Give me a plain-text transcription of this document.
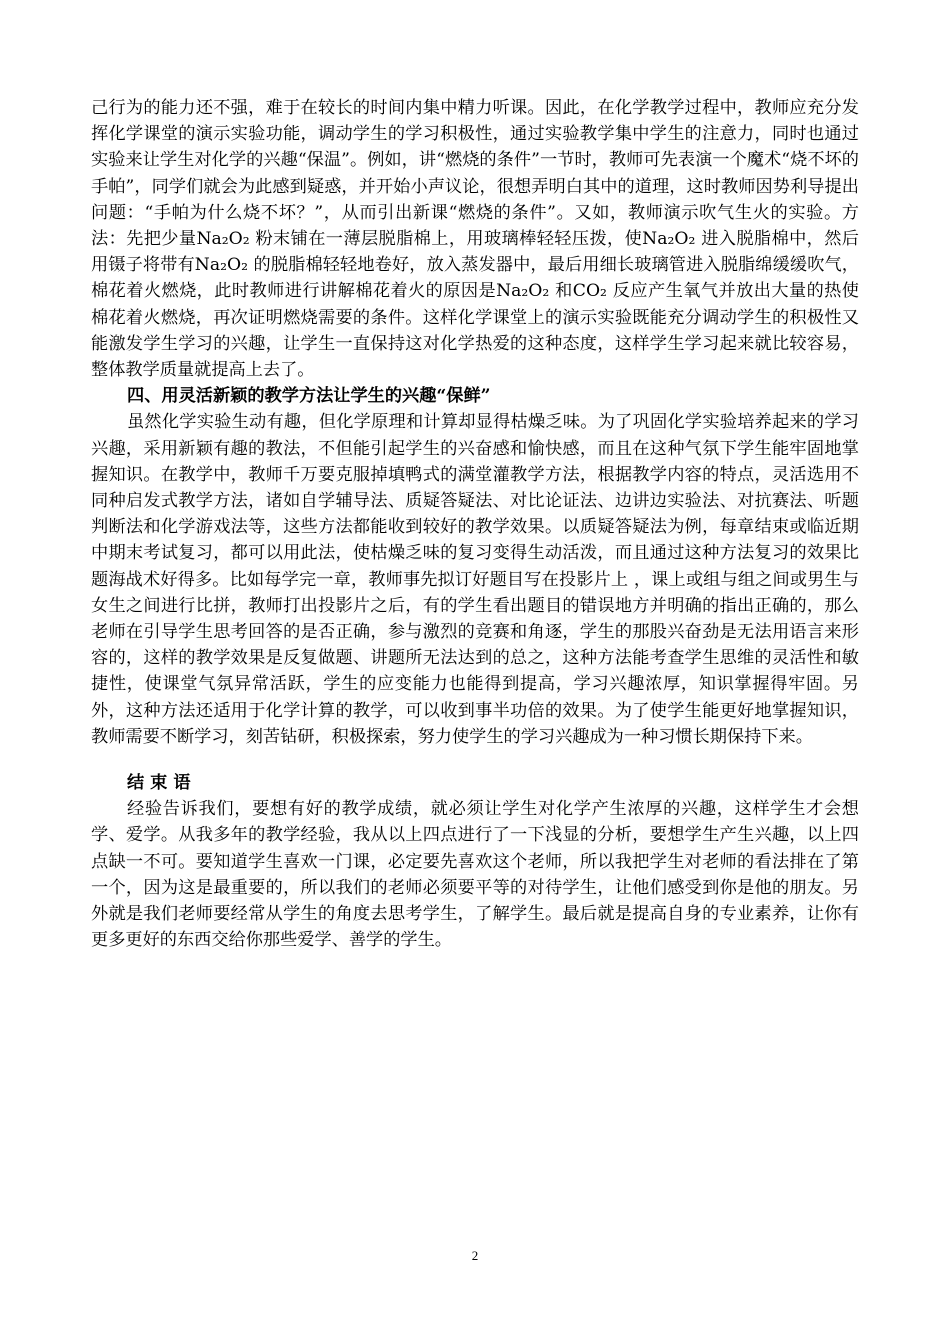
己行为的能力还不强，难于在较长的时间内集中精力听课。因此，在化学教学过程中，教师应充分发挥化学课堂的演示实验功能，调动学生的学习积极性，通过实验教学集中学生的注意力，同时也通过实验来让学生对化学的兴趣“保温”。例如，讲“燃烧的条件”一节时，教师可先表演一个魔术“烧不坏的手帕”，同学们就会为此感到疑惑，并开始小声议论，很想弄明白其中的道理，这时教师因势利导提出问题：“手帕为什么烧不坏？”，从而引出新课“燃烧的条件”。又如，教师演示吹气生火的实验。方法：先把少量Na₂O₂ 粉末铺在一薄层脱脂棉上，用玻璃棒轻轻压拨，使Na₂O₂ 进入脱脂棉中，然后用镊子将带有Na₂O₂ 的脱脂棉轻轻地卷好，放入蒸发器中，最后用细长玻璃管进入脱脂绵缓缓吹气，棉花着火燃烧，此时教师进行讲解棉花着火的原因是Na₂O₂ 和CO₂ 反应产生氧气并放出大量的热使棉花着火燃烧，再次证明燃烧需要的条件。这样化学课堂上的演示实验既能充分调动学生的积极性又能激发学生学习的兴趣，让学生一直保持这对化学热爱的这种态度，这样学生学习起来就比较容易，整体教学质量就提高上去了。

四、用灵活新颖的教学方法让学生的兴趣“保鲜”

虽然化学实验生动有趣，但化学原理和计算却显得枯燥乏味。为了巩固化学实验培养起来的学习兴趣，采用新颖有趣的教法，不但能引起学生的兴奋感和愉快感，而且在这种气氛下学生能牢固地掌握知识。在教学中，教师千万要克服掉填鸭式的满堂灌教学方法，根据教学内容的特点，灵活选用不同种启发式教学方法，诸如自学辅导法、质疑答疑法、对比论证法、边讲边实验法、对抗赛法、听题判断法和化学游戏法等，这些方法都能收到较好的教学效果。以质疑答疑法为例，每章结束或临近期中期末考试复习，都可以用此法，使枯燥乏味的复习变得生动活泼，而且通过这种方法复习的效果比题海战术好得多。比如每学完一章，教师事先拟订好题目写在投影片上 ，课上或组与组之间或男生与女生之间进行比拼，教师打出投影片之后，有的学生看出题目的错误地方并明确的指出正确的，那么老师在引导学生思考回答的是否正确，参与激烈的竞赛和角逐，学生的那股兴奋劲是无法用语言来形容的，这样的教学效果是反复做题、讲题所无法达到的总之，这种方法能考查学生思维的灵活性和敏捷性，使课堂气氛异常活跃，学生的应变能力也能得到提高，学习兴趣浓厚，知识掌握得牢固。另外，这种方法还适用于化学计算的教学，可以收到事半功倍的效果。为了使学生能更好地掌握知识，教师需要不断学习，刻苦钻研，积极探索，努力使学生的学习兴趣成为一种习惯长期保持下来。

结 束 语

经验告诉我们，要想有好的教学成绩，就必须让学生对化学产生浓厚的兴趣，这样学生才会想学、爱学。从我多年的教学经验，我从以上四点进行了一下浅显的分析，要想学生产生兴趣，以上四点缺一不可。要知道学生喜欢一门课，必定要先喜欢这个老师，所以我把学生对老师的看法排在了第一个，因为这是最重要的，所以我们的老师必须要平等的对待学生，让他们感受到你是他的朋友。另外就是我们老师要经常从学生的角度去思考学生，了解学生。最后就是提高自身的专业素养，让你有更多更好的东西交给你那些爱学、善学的学生。

2
